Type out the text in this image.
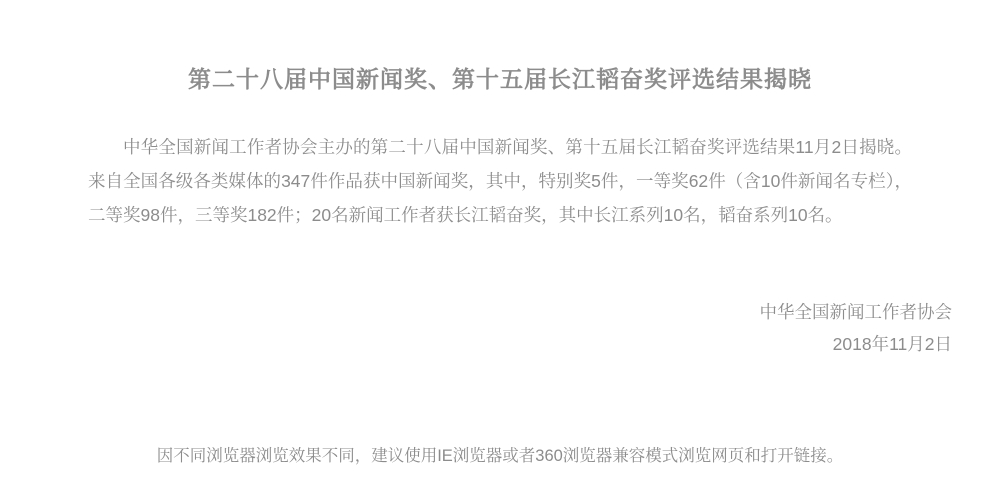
第二十八届中国新闻奖、第十五届长江韬奋奖评选结果揭晓

中华全国新闻工作者协会主办的第二十八届中国新闻奖、第十五届长江韬奋奖评选结果11月2日揭晓。来自全国各级各类媒体的347件作品获中国新闻奖，其中，特别奖5件，一等奖62件（含10件新闻名专栏），二等奖98件，三等奖182件；20名新闻工作者获长江韬奋奖，其中长江系列10名，韬奋系列10名。

中华全国新闻工作者协会
2018年11月2日
因不同浏览器浏览效果不同，建议使用IE浏览器或者360浏览器兼容模式浏览网页和打开链接。
